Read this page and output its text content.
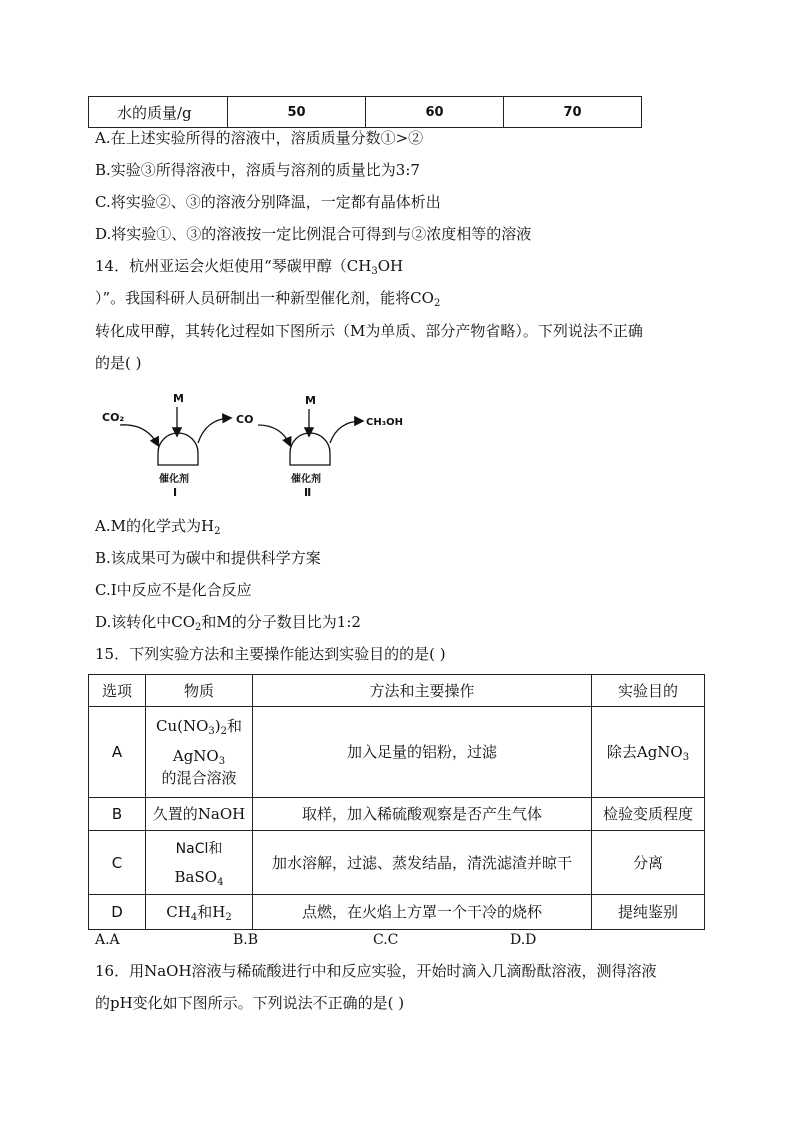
水的质量/g	50	60	70
A.在上述实验所得的溶液中，溶质质量分数①>②
B.实验③所得溶液中，溶质与溶剂的质量比为3:7
C.将实验②、③的溶液分别降温，一定都有晶体析出
D.将实验①、③的溶液按一定比例混合可得到与②浓度相等的溶液
14．杭州亚运会火炬使用“琴碳甲醇（$CH_3OH$
）”。我国科研人员研制出一种新型催化剂，能将$CO_2$
转化成甲醇，其转化过程如下图所示（M为单质、部分产物省略）。下列说法不正确
的是( )
CO₂
M
CO
M
CH₃OH
催化剂
Ⅰ
催化剂
Ⅱ
A.M的化学式为$H_2$
B.该成果可为碳中和提供科学方案
C.Ⅰ中反应不是化合反应
D.该转化中$CO_2$和M的分子数目比为1:2
15．下列实验方法和主要操作能达到实验目的的是( )
选项	物质	方法和主要操作	实验目的
A	$Cu(NO_3)_2$和
AgNO$_3$
的混合溶液	加入足量的铝粉，过滤	除去AgNO$_3$
B	久置的NaOH	取样，加入稀硫酸观察是否产生气体	检验变质程度
C	NaCl和
BaSO$_4$	加水溶解，过滤、蒸发结晶，清洗滤渣并晾干	分离
D	$CH_4$和$H_2$	点燃，在火焰上方罩一个干冷的烧杯	提纯鉴别
A.A	B.B	C.C	D.D
16．用NaOH溶液与稀硫酸进行中和反应实验，开始时滴入几滴酚酞溶液，测得溶液
的pH变化如下图所示。下列说法不正确的是( )
